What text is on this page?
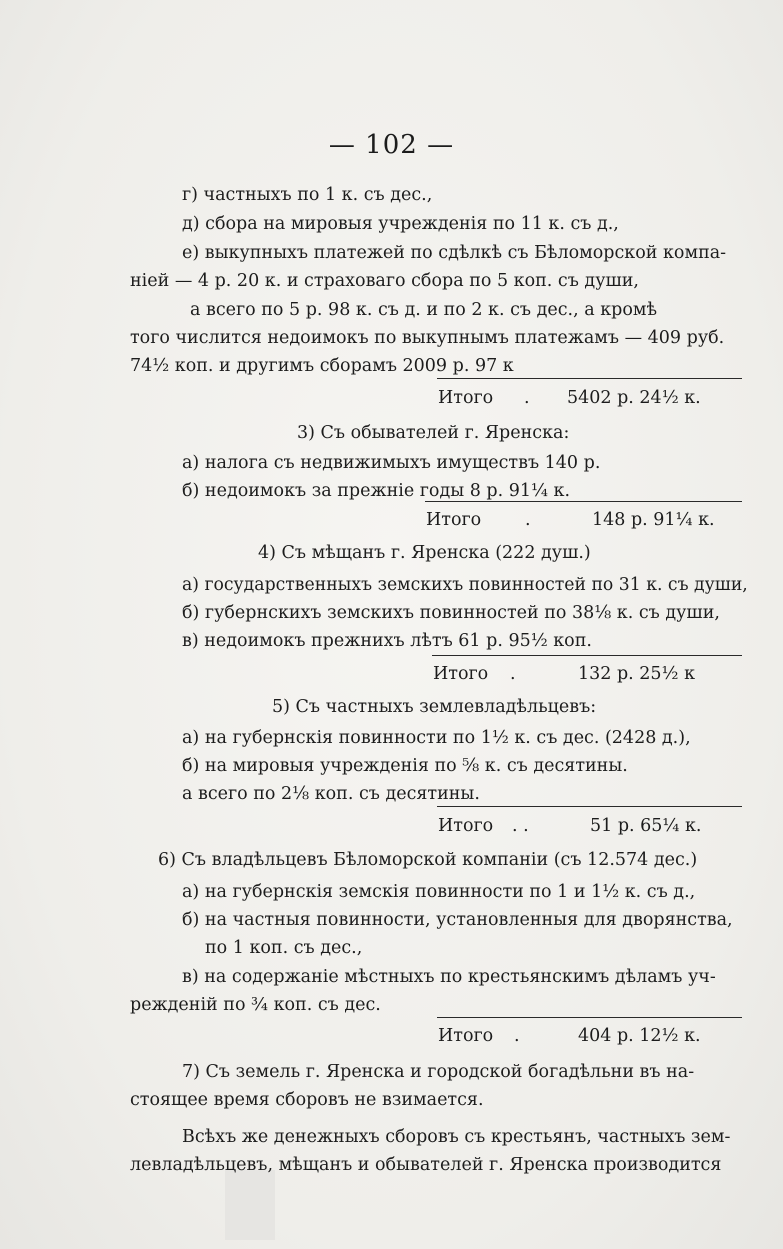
— 102 —
г) частныхъ по 1 к. съ дес.,
д) сбора на мировыя учрежденія по 11 к. съ д.,
е) выкупныхъ платежей по сдѣлкѣ съ Бѣломорской компа-
ніей — 4 р. 20 к. и страховаго сбора по 5 коп. съ души,
а всего по 5 р. 98 к. съ д. и по 2 к. съ дес., а кромѣ
того числится недоимокъ по выкупнымъ платежамъ — 409 руб.
74½ коп. и другимъ сборамъ 2009 р. 97 к
Итого . 5402 р. 24½ к.
3) Съ обывателей г. Яренска:
а) налога съ недвижимыхъ имуществъ 140 р.
б) недоимокъ за прежніе годы 8 р. 91¼ к.
Итого	.	148 р. 91¼ к.
4) Съ мѣщанъ г. Яренска (222 душ.)
а) государственныхъ земскихъ повинностей по 31 к. съ души,
б) губернскихъ земскихъ повинностей по 38⅛ к. съ души,
в) недоимокъ прежнихъ лѣтъ 61 р. 95½ коп.
Итого .	132 р. 25½ к
5) Съ частныхъ землевладѣльцевъ:
а) на губернскія повинности по 1½ к. съ дес. (2428 д.),
б) на мировыя учрежденія по ⅝ к. съ десятины.
а всего по 2⅛ коп. съ десятины.
Итого . .	51 р. 65¼ к.
6) Съ владѣльцевъ Бѣломорской компаніи (съ 12.574 дес.)
а) на губернскія земскія повинности по 1 и 1½ к. съ д.,
б) на частныя повинности, установленныя для дворянства,
по 1 коп. съ дес.,
в) на содержаніе мѣстныхъ по крестьянскимъ дѣламъ уч-
режденій по ¾ коп. съ дес.
Итого .	404 р. 12½ к.
7) Съ земель г. Яренска и городской богадѣльни въ на-
стоящее время сборовъ не взимается.
Всѣхъ же денежныхъ сборовъ съ крестьянъ, частныхъ зем-
левладѣльцевъ, мѣщанъ и обывателей г. Яренска производится
